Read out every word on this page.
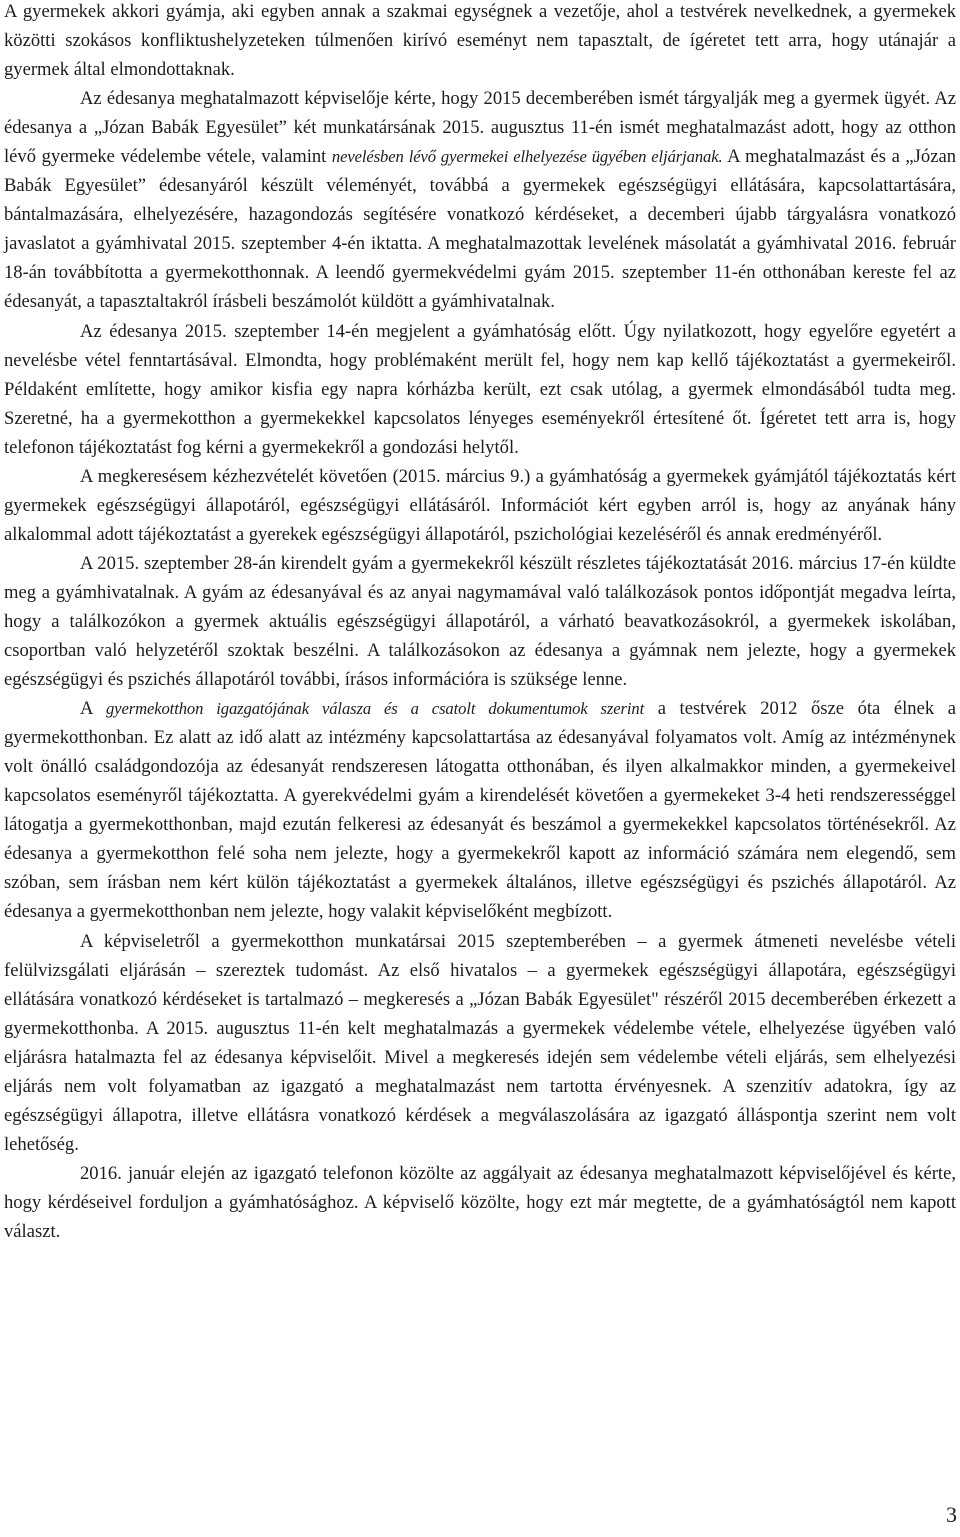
A gyermekek akkori gyámja, aki egyben annak a szakmai egységnek a vezetője, ahol a testvérek nevelkednek, a gyermekek közötti szokásos konfliktushelyzeteken túlmenően kirívó eseményt nem tapasztalt, de ígéretet tett arra, hogy utánajár a gyermek által elmondottaknak.

Az édesanya meghatalmazott képviselője kérte, hogy 2015 decemberében ismét tárgyalják meg a gyermek ügyét. Az édesanya a „Józan Babák Egyesület” két munkatársának 2015. augusztus 11-én ismét meghatalmazást adott, hogy az otthon lévő gyermeke védelembe vétele, valamint nevelésben lévő gyermekei elhelyezése ügyében eljárjanak. A meghatalmazást és a „Józan Babák Egyesület” édesanyáról készült véleményét, továbbá a gyermekek egészségügyi ellátására, kapcsolattartására, bántalmazására, elhelyezésére, hazagondozás segítésére vonatkozó kérdéseket, a decemberi újabb tárgyalásra vonatkozó javaslatot a gyámhivatal 2015. szeptember 4-én iktatta. A meghatalmazottak levelének másolatát a gyámhivatal 2016. február 18-án továbbította a gyermekotthonnak. A leendő gyermekvédelmi gyám 2015. szeptember 11-én otthonában kereste fel az édesanyát, a tapasztaltakról írásbeli beszámolót küldött a gyámhivatalnak.

Az édesanya 2015. szeptember 14-én megjelent a gyámhatóság előtt. Úgy nyilatkozott, hogy egyelőre egyetért a nevelésbe vétel fenntartásával. Elmondta, hogy problémaként merült fel, hogy nem kap kellő tájékoztatást a gyermekeiről. Példaként említette, hogy amikor kisfia egy napra kórházba került, ezt csak utólag, a gyermek elmondásából tudta meg. Szeretné, ha a gyermekotthon a gyermekekkel kapcsolatos lényeges eseményekről értesítené őt. Ígéretet tett arra is, hogy telefonon tájékoztatást fog kérni a gyermekekről a gondozási helytől.

A megkeresésem kézhezvételét követően (2015. március 9.) a gyámhatóság a gyermekek gyámjától tájékoztatás kért gyermekek egészségügyi állapotáról, egészségügyi ellátásáról. Információt kért egyben arról is, hogy az anyának hány alkalommal adott tájékoztatást a gyerekek egészségügyi állapotáról, pszichológiai kezeléséről és annak eredményéről.

A 2015. szeptember 28-án kirendelt gyám a gyermekekről készült részletes tájékoztatását 2016. március 17-én küldte meg a gyámhivatalnak. A gyám az édesanyával és az anyai nagymamával való találkozások pontos időpontját megadva leírta, hogy a találkozókon a gyermek aktuális egészségügyi állapotáról, a várható beavatkozásokról, a gyermekek iskolában, csoportban való helyzetéről szoktak beszélni. A találkozásokon az édesanya a gyámnak nem jelezte, hogy a gyermekek egészségügyi és pszichés állapotáról további, írásos információra is szüksége lenne.

A gyermekotthon igazgatójának válasza és a csatolt dokumentumok szerint a testvérek 2012 ősze óta élnek a gyermekotthonban. Ez alatt az idő alatt az intézmény kapcsolattartása az édesanyával folyamatos volt. Amíg az intézménynek volt önálló családgondozója az édesanyát rendszeresen látogatta otthonában, és ilyen alkalmakkor minden, a gyermekeivel kapcsolatos eseményről tájékoztatta. A gyerekvédelmi gyám a kirendelését követően a gyermekeket 3-4 heti rendszerességgel látogatja a gyermekotthonban, majd ezután felkeresi az édesanyát és beszámol a gyermekekkel kapcsolatos történésekről. Az édesanya a gyermekotthon felé soha nem jelezte, hogy a gyermekekről kapott az információ számára nem elegendő, sem szóban, sem írásban nem kért külön tájékoztatást a gyermekek általános, illetve egészségügyi és pszichés állapotáról. Az édesanya a gyermekotthonban nem jelezte, hogy valakit képviselőként megbízott.

A képviseletről a gyermekotthon munkatársai 2015 szeptemberében – a gyermek átmeneti nevelésbe vételi felülvizsgálati eljárásán – szereztek tudomást. Az első hivatalos – a gyermekek egészségügyi állapotára, egészségügyi ellátására vonatkozó kérdéseket is tartalmazó – megkeresés a „Józan Babák Egyesület" részéről 2015 decemberében érkezett a gyermekotthonba. A 2015. augusztus 11-én kelt meghatalmazás a gyermekek védelembe vétele, elhelyezése ügyében való eljárásra hatalmazta fel az édesanya képviselőit. Mivel a megkeresés idején sem védelembe vételi eljárás, sem elhelyezési eljárás nem volt folyamatban az igazgató a meghatalmazást nem tartotta érvényesnek. A szenzitív adatokra, így az egészségügyi állapotra, illetve ellátásra vonatkozó kérdések a megválaszolására az igazgató álláspontja szerint nem volt lehetőség.

2016. január elején az igazgató telefonon közölte az aggályait az édesanya meghatalmazott képviselőjével és kérte, hogy kérdéseivel forduljon a gyámhatósághoz. A képviselő közölte, hogy ezt már megtette, de a gyámhatóságtól nem kapott választ.

3
